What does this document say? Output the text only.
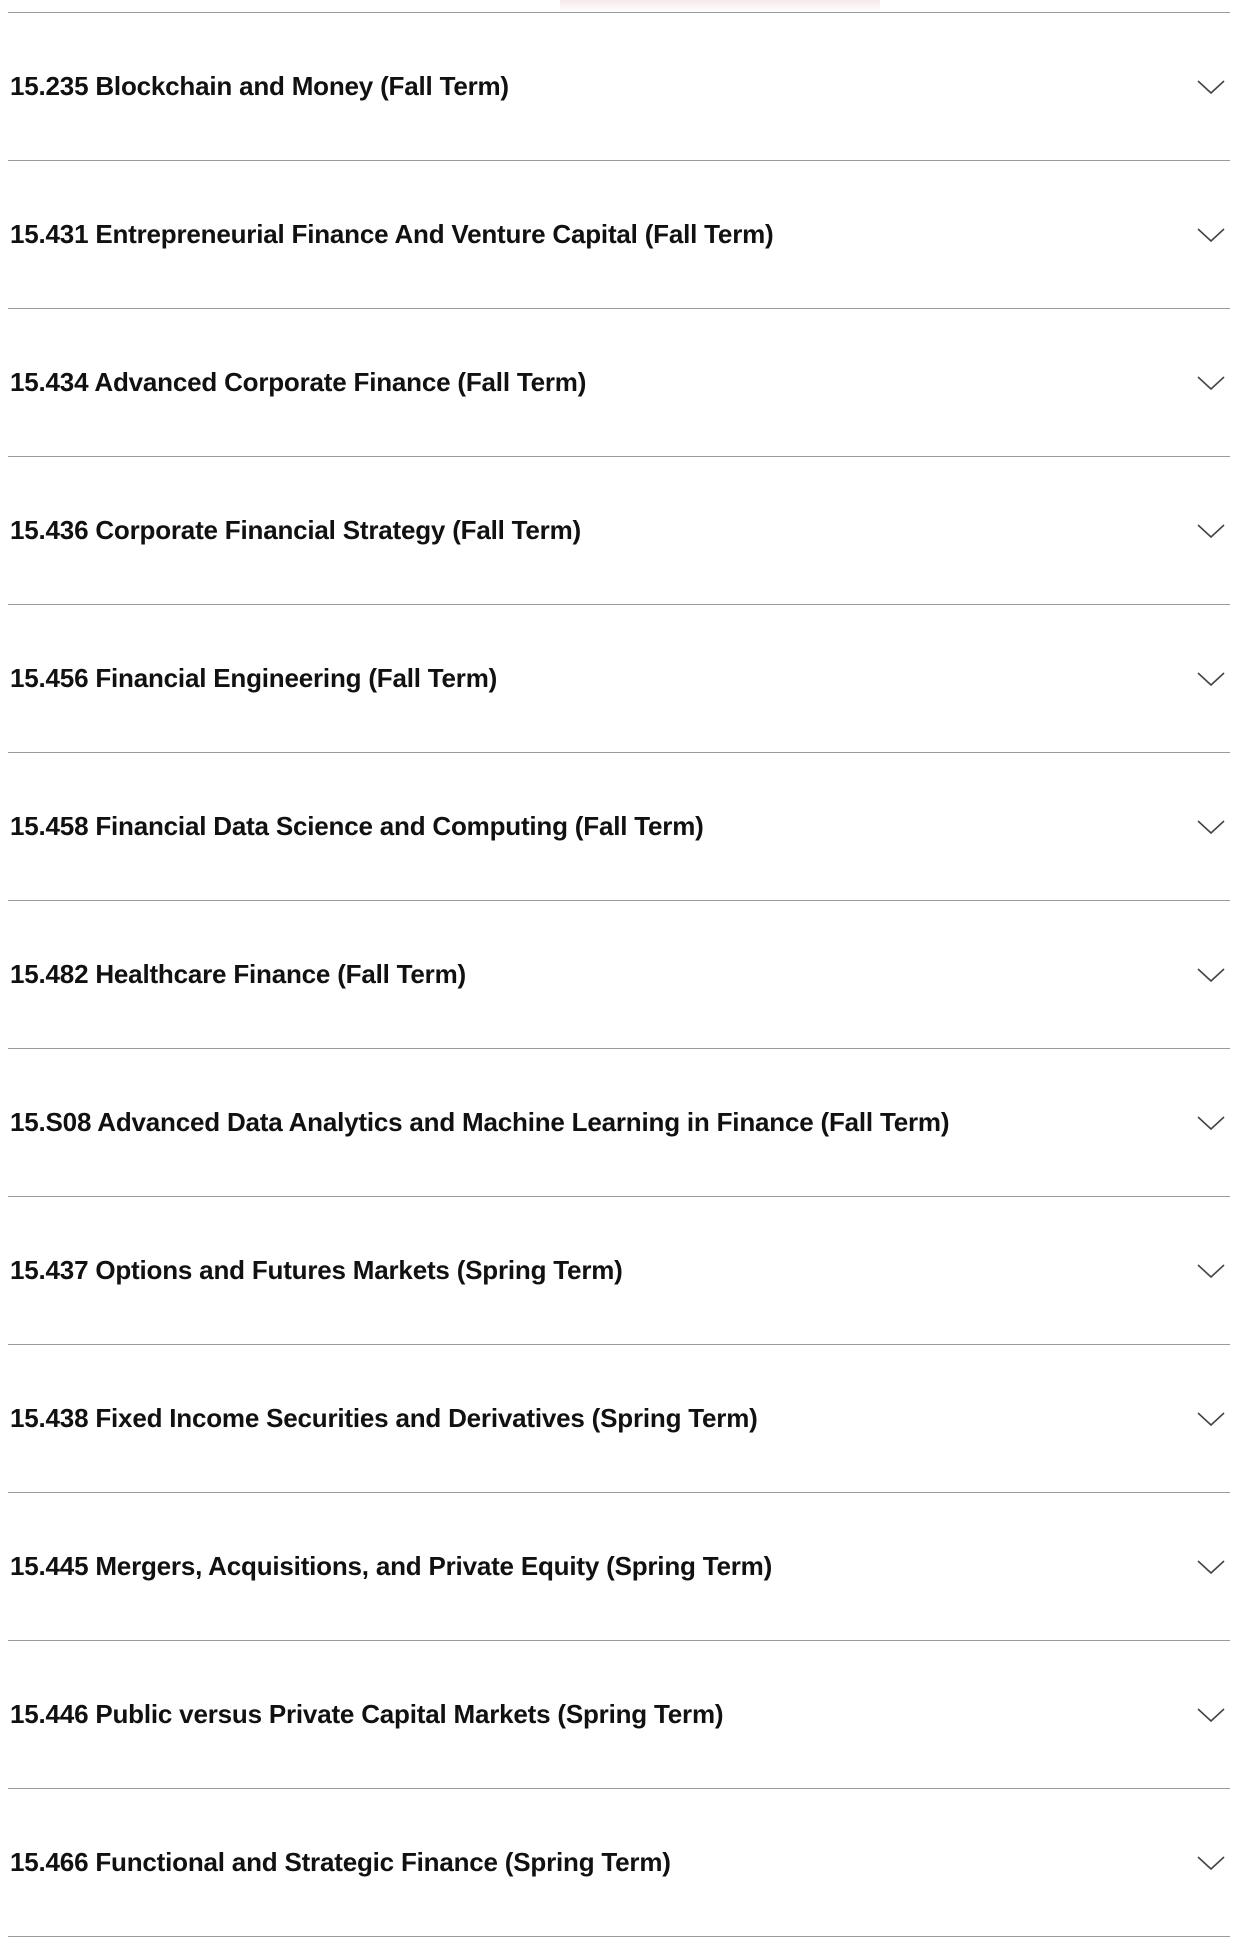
15.235 Blockchain and Money (Fall Term)
15.431 Entrepreneurial Finance And Venture Capital (Fall Term)
15.434 Advanced Corporate Finance (Fall Term)
15.436 Corporate Financial Strategy (Fall Term)
15.456 Financial Engineering (Fall Term)
15.458 Financial Data Science and Computing (Fall Term)
15.482 Healthcare Finance (Fall Term)
15.S08 Advanced Data Analytics and Machine Learning in Finance (Fall Term)
15.437 Options and Futures Markets (Spring Term)
15.438 Fixed Income Securities and Derivatives (Spring Term)
15.445 Mergers, Acquisitions, and Private Equity (Spring Term)
15.446 Public versus Private Capital Markets (Spring Term)
15.466 Functional and Strategic Finance (Spring Term)
